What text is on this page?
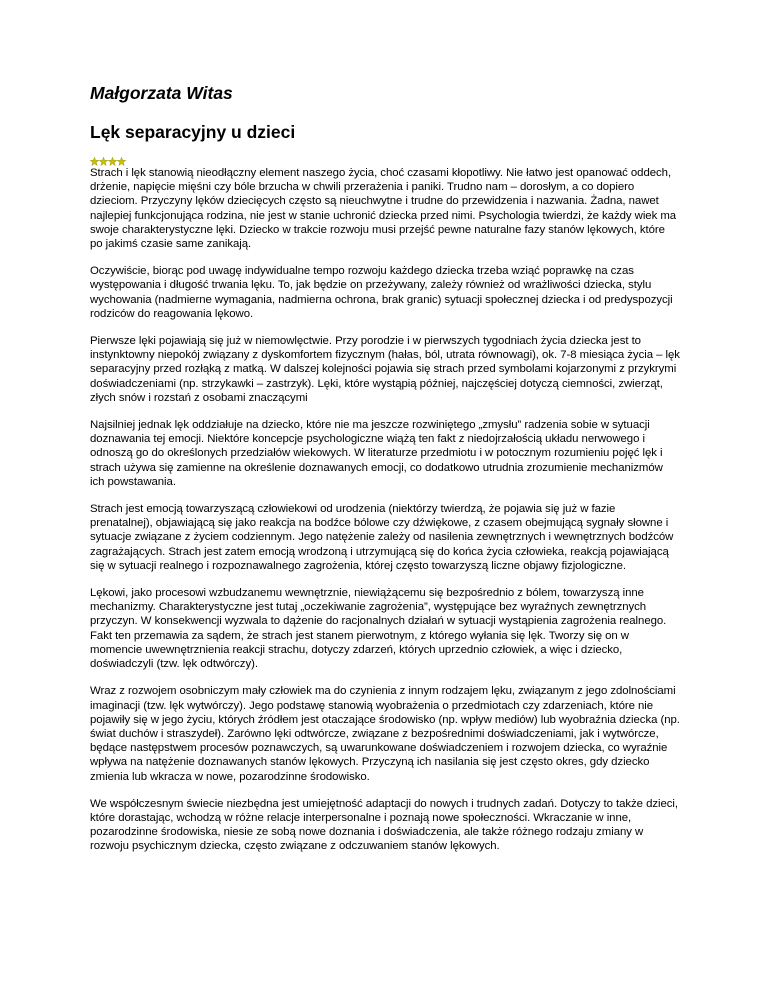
Małgorzata Witas
Lęk separacyjny u dzieci

Strach i lęk stanowią nieodłączny element naszego życia, choć czasami kłopotliwy. Nie łatwo jest opanować oddech, drżenie, napięcie mięśni czy bóle brzucha w chwili przerażenia i paniki. Trudno nam – dorosłym, a co dopiero dzieciom. Przyczyny lęków dziecięcych często są nieuchwytne i trudne do przewidzenia i nazwania. Żadna, nawet najlepiej funkcjonująca rodzina, nie jest w stanie uchronić dziecka przed nimi. Psychologia twierdzi, że każdy wiek ma swoje charakterystyczne lęki. Dziecko w trakcie rozwoju musi przejść pewne naturalne fazy stanów lękowych, które po jakimś czasie same zanikają.

Oczywiście, biorąc pod uwagę indywidualne tempo rozwoju każdego dziecka trzeba wziąć poprawkę na czas występowania i długość trwania lęku. To, jak będzie on przeżywany, zależy również od wrażliwości dziecka, stylu wychowania (nadmierne wymagania, nadmierna ochrona, brak granic) sytuacji społecznej dziecka i od predyspozycji rodziców do reagowania lękowo.

Pierwsze lęki pojawiają się już w niemowlęctwie. Przy porodzie i w pierwszych tygodniach życia dziecka jest to instynktowny niepokój związany z dyskomfortem fizycznym (hałas, ból, utrata równowagi), ok. 7-8 miesiąca życia – lęk separacyjny przed rozłąką z matką. W dalszej kolejności pojawia się strach przed symbolami kojarzonymi z przykrymi doświadczeniami (np. strzykawki – zastrzyk). Lęki, które wystąpią później, najczęściej dotyczą ciemności, zwierząt, złych snów i rozstań z osobami znaczącymi

Najsilniej jednak lęk oddziałuje na dziecko, które nie ma jeszcze rozwiniętego „zmysłu” radzenia sobie w sytuacji doznawania tej emocji. Niektóre koncepcje psychologiczne wiążą ten fakt z niedojrzałością układu nerwowego i odnoszą go do określonych przedziałów wiekowych. W literaturze przedmiotu i w potocznym rozumieniu pojęć lęk i strach używa się zamienne na określenie doznawanych emocji, co dodatkowo utrudnia zrozumienie mechanizmów ich powstawania.

Strach jest emocją towarzyszącą człowiekowi od urodzenia (niektórzy twierdzą, że pojawia się już w fazie prenatalnej), objawiającą się jako reakcja na bodźce bólowe czy dźwiękowe, z czasem obejmującą sygnały słowne i sytuacje związane z życiem codziennym. Jego natężenie zależy od nasilenia zewnętrznych i wewnętrznych bodźców zagrażających. Strach jest zatem emocją wrodzoną i utrzymującą się do końca życia człowieka, reakcją pojawiającą się w sytuacji realnego i rozpoznawalnego zagrożenia, której często towarzyszą liczne objawy fizjologiczne.

Lękowi, jako procesowi wzbudzanemu wewnętrznie, niewiążącemu się bezpośrednio z bólem, towarzyszą inne mechanizmy. Charakterystyczne jest tutaj „oczekiwanie zagrożenia”, występujące bez wyraźnych zewnętrznych przyczyn. W konsekwencji wyzwala to dążenie do racjonalnych działań w sytuacji wystąpienia zagrożenia realnego. Fakt ten przemawia za sądem, że strach jest stanem pierwotnym, z którego wyłania się lęk. Tworzy się on w momencie uwewnętrznienia reakcji strachu, dotyczy zdarzeń, których uprzednio człowiek, a więc i dziecko, doświadczyli (tzw. lęk odtwórczy).

Wraz z rozwojem osobniczym mały człowiek ma do czynienia z innym rodzajem lęku, związanym z jego zdolnościami imaginacji (tzw. lęk wytwórczy). Jego podstawę stanowią wyobrażenia o przedmiotach czy zdarzeniach, które nie pojawiły się w jego życiu, których źródłem jest otaczające środowisko (np. wpływ mediów) lub wyobraźnia dziecka (np. świat duchów i straszydeł). Zarówno lęki odtwórcze, związane z bezpośrednimi doświadczeniami, jak i wytwórcze, będące następstwem procesów poznawczych, są uwarunkowane doświadczeniem i rozwojem dziecka, co wyraźnie wpływa na natężenie doznawanych stanów lękowych. Przyczyną ich nasilania się jest często okres, gdy dziecko zmienia lub wkracza w nowe, pozarodzinne środowisko.

We współczesnym świecie niezbędna jest umiejętność adaptacji do nowych i trudnych zadań. Dotyczy to także dzieci, które dorastając, wchodzą w różne relacje interpersonalne i poznają nowe społeczności. Wkraczanie w inne, pozarodzinne środowiska, niesie ze sobą nowe doznania i doświadczenia, ale także różnego rodzaju zmiany w rozwoju psychicznym dziecka, często związane z odczuwaniem stanów lękowych.
